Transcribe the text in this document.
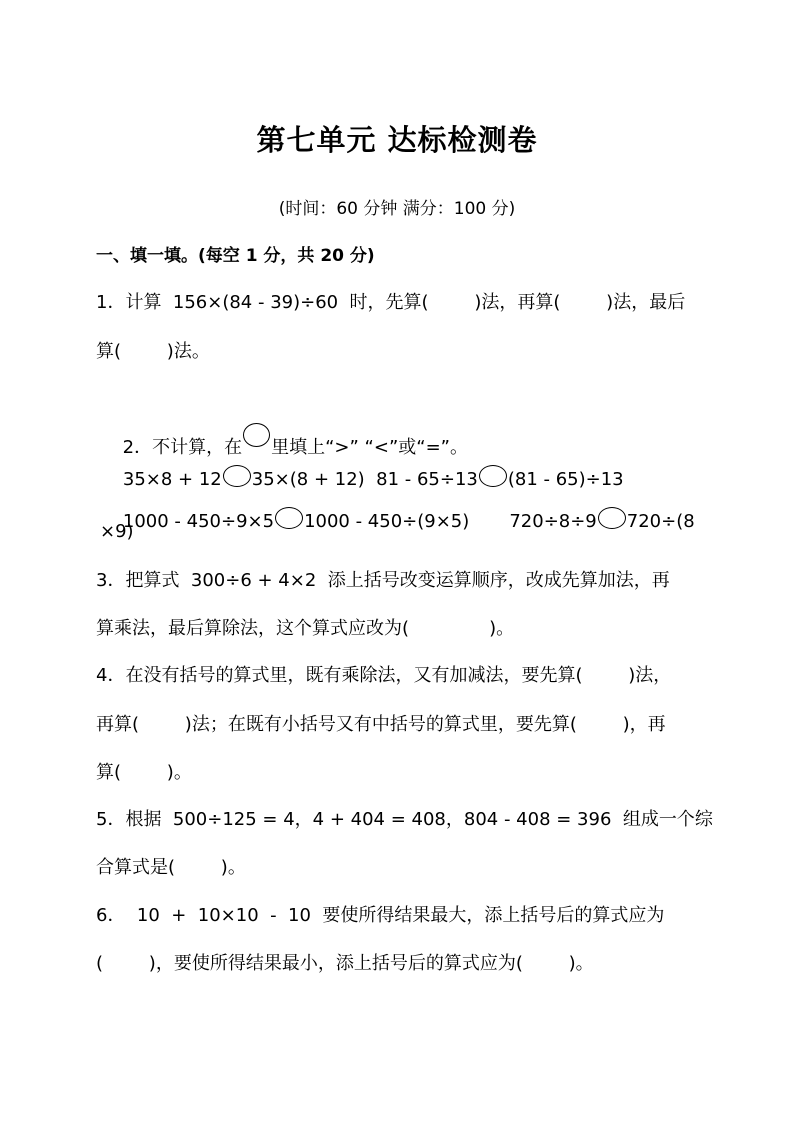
第七单元 达标检测卷
(时间：60 分钟 满分：100 分)
一、填一填。(每空 1 分，共 20 分)
1．计算  156×(84 - 39)÷60  时，先算(        )法，再算(        )法，最后
算(        )法。

2．不计算，在 里填上“>” “<”或“=”。

35×8 + 12 35×(8 + 12)  81 - 65÷13 (81 - 65)÷13

1000 - 450÷9×5 1000 - 450÷(9×5)       720÷8÷9 720÷(8

×9)
3．把算式  300÷6 + 4×2  添上括号改变运算顺序，改成先算加法，再
算乘法，最后算除法，这个算式应改为(              )。
4．在没有括号的算式里，既有乘除法，又有加减法，要先算(        )法，
再算(        )法；在既有小括号又有中括号的算式里，要先算(        )，再
算(        )。
5．根据  500÷125 = 4，4 + 404 = 408，804 - 408 = 396  组成一个综
合算式是(        )。
6．  10  +  10×10  -  10  要使所得结果最大，添上括号后的算式应为
(        )，要使所得结果最小，添上括号后的算式应为(        )。
